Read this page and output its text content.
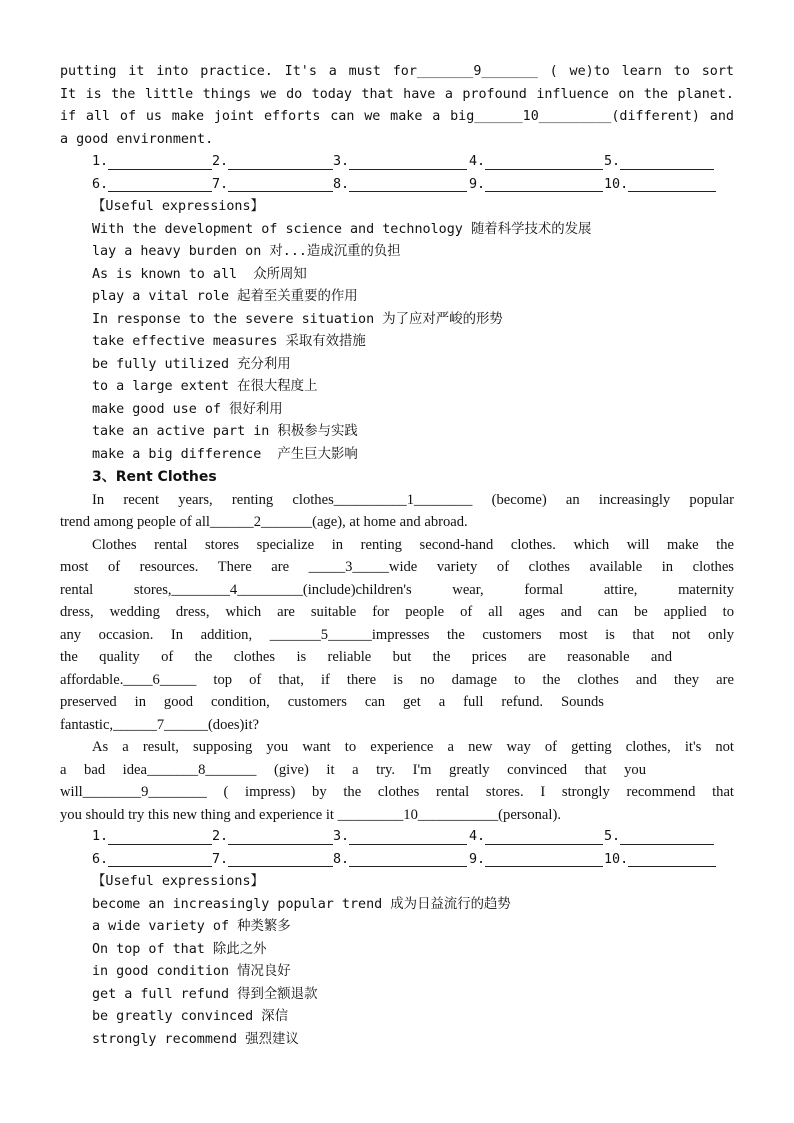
putting it into practice. It's a must for_______9_______ ( we)to learn to sort
It is the little things we do today that have a profound influence on the planet.
if all of us make joint efforts can we make a big______10_________(different) and
a good environment.
1.	2.	3.	4.	5.
6.	7.	8.	9.	10.
【Useful expressions】
With the development of science and technology 随着科学技术的发展
lay a heavy burden on 对...造成沉重的负担
As is known to all  众所周知
play a vital role 起着至关重要的作用
In response to the severe situation 为了应对严峻的形势
take effective measures 采取有效措施
be fully utilized 充分利用
to a large extent 在很大程度上
make good use of 很好利用
take an active part in 积极参与实践
make a big difference  产生巨大影响
3、Rent Clothes
In recent years, renting clothes__________1________ (become) an increasingly popular
trend among people of all______2_______(age), at home and abroad.
Clothes rental stores specialize in renting second-hand clothes. which will make the
most of resources. There are _____3_____wide variety of clothes available in clothes
rental stores,________4_________(include)children's wear, formal attire, maternity
dress, wedding dress, which are suitable for people of all ages and can be applied to
any occasion. In addition, _______5______impresses the customers most is that not only
the quality of the clothes is reliable but the prices are reasonable and
affordable.____6_____ top of that, if there is no damage to the clothes and they are
preserved in good condition, customers can get a full refund. Sounds
fantastic,______7______(does)it?
As a result, supposing you want to experience a new way of getting clothes, it's not
a bad idea_______8_______ (give) it a try. I'm greatly convinced that you
will________9________ ( impress) by the clothes rental stores. I strongly recommend that
you should try this new thing and experience it _________10___________(personal).
1.	2.	3.	4.	5.
6.	7.	8.	9.	10.
【Useful expressions】
become an increasingly popular trend 成为日益流行的趋势
a wide variety of 种类繁多
On top of that 除此之外
in good condition 情况良好
get a full refund 得到全额退款
be greatly convinced 深信
strongly recommend 强烈建议
